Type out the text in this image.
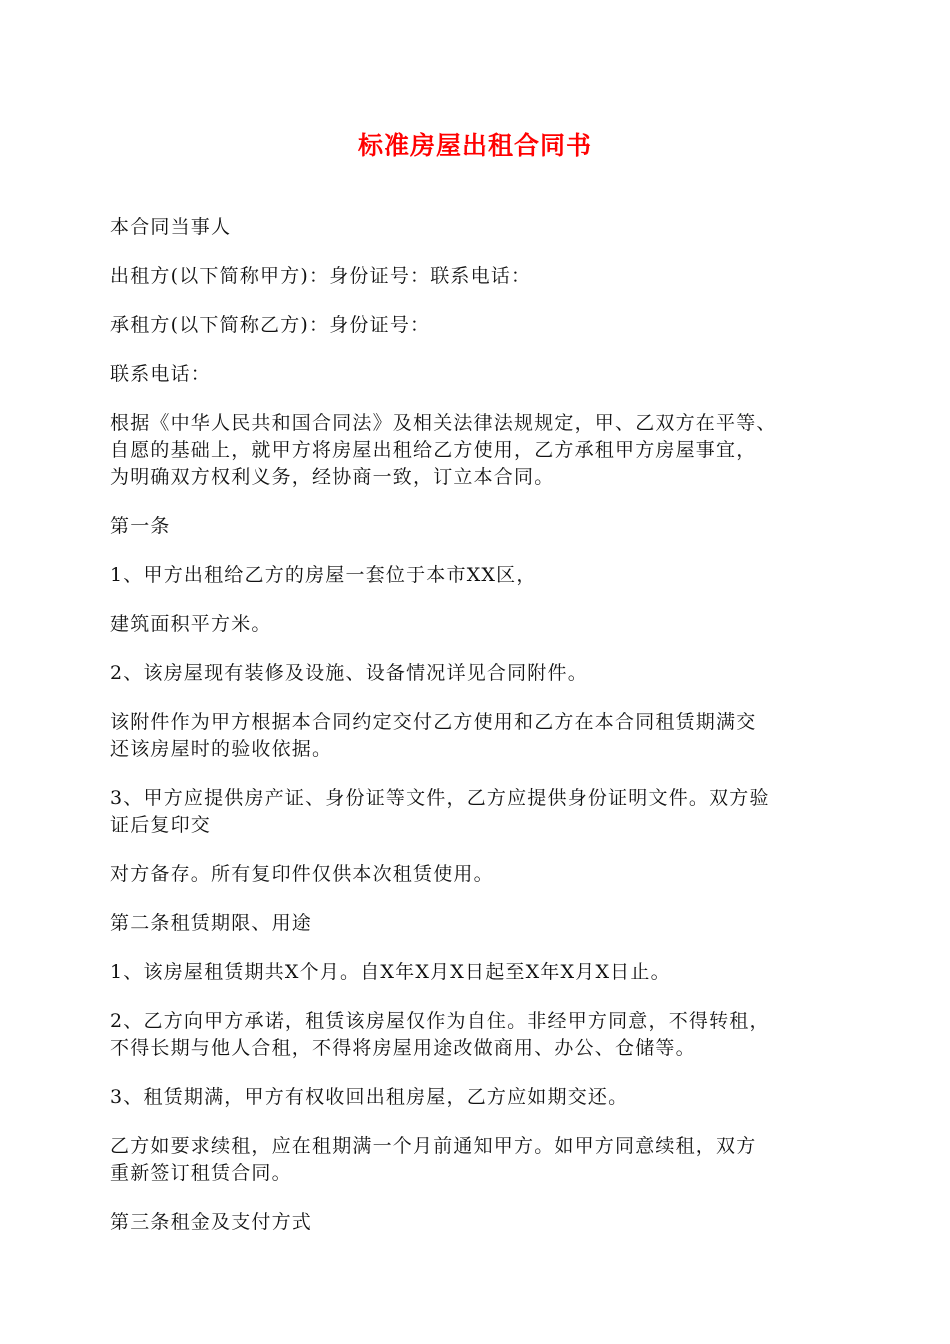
标准房屋出租合同书

本合同当事人

出租方(以下简称甲方)：身份证号：联系电话：

承租方(以下简称乙方)：身份证号：

联系电话：

根据《中华人民共和国合同法》及相关法律法规规定，甲、乙双方在平等、
自愿的基础上，就甲方将房屋出租给乙方使用，乙方承租甲方房屋事宜，
为明确双方权利义务，经协商一致，订立本合同。

第一条

1、甲方出租给乙方的房屋一套位于本市XX区，

建筑面积平方米。

2、该房屋现有装修及设施、设备情况详见合同附件。

该附件作为甲方根据本合同约定交付乙方使用和乙方在本合同租赁期满交
还该房屋时的验收依据。

3、甲方应提供房产证、身份证等文件，乙方应提供身份证明文件。双方验
证后复印交

对方备存。所有复印件仅供本次租赁使用。

第二条租赁期限、用途

1、该房屋租赁期共X个月。自X年X月X日起至X年X月X日止。

2、乙方向甲方承诺，租赁该房屋仅作为自住。非经甲方同意，不得转租，
不得长期与他人合租，不得将房屋用途改做商用、办公、仓储等。

3、租赁期满，甲方有权收回出租房屋，乙方应如期交还。

乙方如要求续租，应在租期满一个月前通知甲方。如甲方同意续租，双方
重新签订租赁合同。

第三条租金及支付方式
